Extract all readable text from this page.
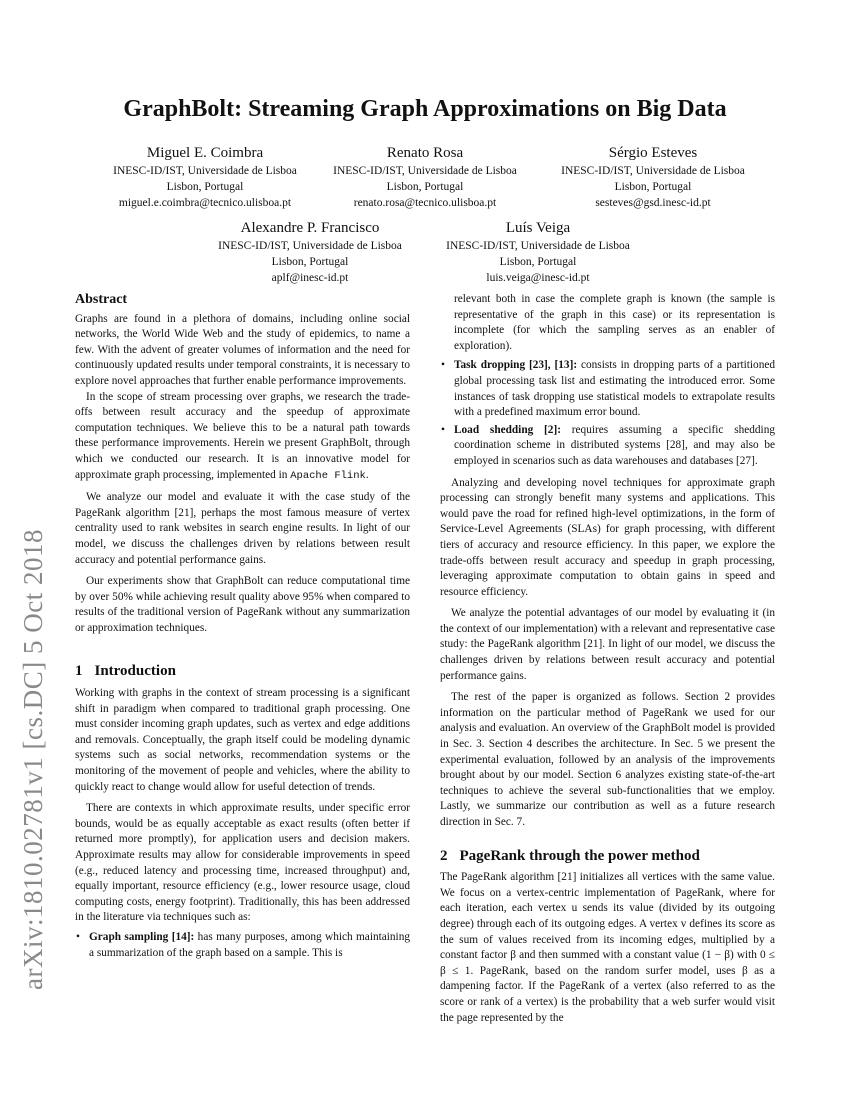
arXiv:1810.02781v1 [cs.DC] 5 Oct 2018
GraphBolt: Streaming Graph Approximations on Big Data
Miguel E. Coimbra
INESC-ID/IST, Universidade de Lisboa
Lisbon, Portugal
miguel.e.coimbra@tecnico.ulisboa.pt
Renato Rosa
INESC-ID/IST, Universidade de Lisboa
Lisbon, Portugal
renato.rosa@tecnico.ulisboa.pt
Sérgio Esteves
INESC-ID/IST, Universidade de Lisboa
Lisbon, Portugal
sesteves@gsd.inesc-id.pt
Alexandre P. Francisco
INESC-ID/IST, Universidade de Lisboa
Lisbon, Portugal
aplf@inesc-id.pt
Luís Veiga
INESC-ID/IST, Universidade de Lisboa
Lisbon, Portugal
luis.veiga@inesc-id.pt
Abstract

Graphs are found in a plethora of domains, including online social networks, the World Wide Web and the study of epidemics, to name a few. With the advent of greater volumes of information and the need for continuously updated results under temporal constraints, it is necessary to explore novel approaches that further enable performance improvements.

In the scope of stream processing over graphs, we research the trade-offs between result accuracy and the speedup of approximate computation techniques. We believe this to be a natural path towards these performance improvements. Herein we present GraphBolt, through which we conducted our research. It is an innovative model for approximate graph processing, implemented in Apache Flink.

We analyze our model and evaluate it with the case study of the PageRank algorithm [21], perhaps the most famous measure of vertex centrality used to rank websites in search engine results. In light of our model, we discuss the challenges driven by relations between result accuracy and potential performance gains.

Our experiments show that GraphBolt can reduce computational time by over 50% while achieving result quality above 95% when compared to results of the traditional version of PageRank without any summarization or approximation techniques.

1 Introduction

Working with graphs in the context of stream processing is a significant shift in paradigm when compared to traditional graph processing. One must consider incoming graph updates, such as vertex and edge additions and removals. Conceptually, the graph itself could be modeling dynamic systems such as social networks, recommendation systems or the monitoring of the movement of people and vehicles, where the ability to quickly react to change would allow for useful detection of trends.

There are contexts in which approximate results, under specific error bounds, would be as equally acceptable as exact results (often better if returned more promptly), for application users and decision makers. Approximate results may allow for considerable improvements in speed (e.g., reduced latency and processing time, increased throughput) and, equally important, resource efficiency (e.g., lower resource usage, cloud computing costs, energy footprint). Traditionally, this has been addressed in the literature via techniques such as:

• Graph sampling [14]: has many purposes, among which maintaining a summarization of the graph based on a sample. This is

relevant both in case the complete graph is known (the sample is representative of the graph in this case) or its representation is incomplete (for which the sampling serves as an enabler of exploration).

• Task dropping [23], [13]: consists in dropping parts of a partitioned global processing task list and estimating the introduced error. Some instances of task dropping use statistical models to extrapolate results with a predefined maximum error bound.
• Load shedding [2]: requires assuming a specific shedding coordination scheme in distributed systems [28], and may also be employed in scenarios such as data warehouses and databases [27].

Analyzing and developing novel techniques for approximate graph processing can strongly benefit many systems and applications. This would pave the road for refined high-level optimizations, in the form of Service-Level Agreements (SLAs) for graph processing, with different tiers of accuracy and resource efficiency. In this paper, we explore the trade-offs between result accuracy and speedup in graph processing, leveraging approximate computation to obtain gains in speed and resource efficiency.

We analyze the potential advantages of our model by evaluating it (in the context of our implementation) with a relevant and representative case study: the PageRank algorithm [21]. In light of our model, we discuss the challenges driven by relations between result accuracy and potential performance gains.

The rest of the paper is organized as follows. Section 2 provides information on the particular method of PageRank we used for our analysis and evaluation. An overview of the GraphBolt model is provided in Sec. 3. Section 4 describes the architecture. In Sec. 5 we present the experimental evaluation, followed by an analysis of the improvements brought about by our model. Section 6 analyzes existing state-of-the-art techniques to achieve the several sub-functionalities that we employ. Lastly, we summarize our contribution as well as a future research direction in Sec. 7.

2 PageRank through the power method

The PageRank algorithm [21] initializes all vertices with the same value. We focus on a vertex-centric implementation of PageRank, where for each iteration, each vertex u sends its value (divided by its outgoing degree) through each of its outgoing edges. A vertex v defines its score as the sum of values received from its incoming edges, multiplied by a constant factor β and then summed with a constant value (1 − β) with 0 ≤ β ≤ 1. PageRank, based on the random surfer model, uses β as a dampening factor. If the PageRank of a vertex (also referred to as the score or rank of a vertex) is the probability that a web surfer would visit the page represented by the
